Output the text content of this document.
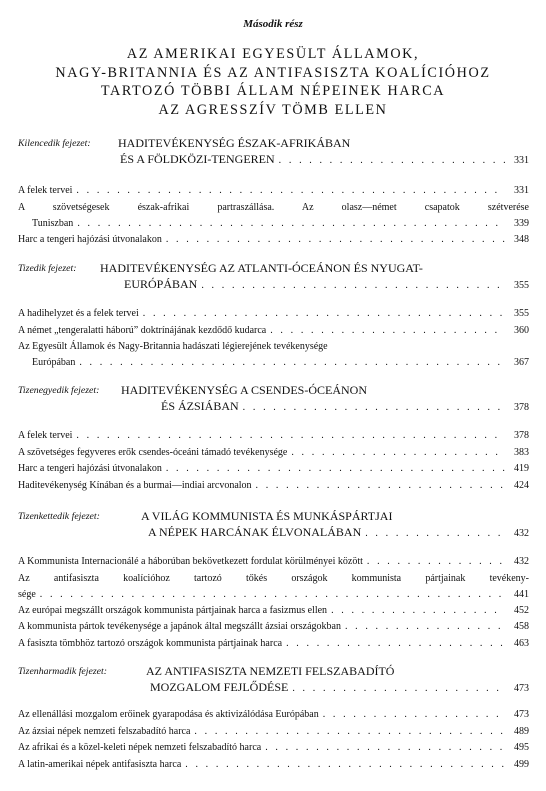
Második rész
AZ AMERIKAI EGYESÜLT ÁLLAMOK,
NAGY-BRITANNIA ÉS AZ ANTIFASISZTA KOALÍCIÓHOZ
TARTOZÓ TÖBBI ÁLLAM NÉPEINEK HARCA
AZ AGRESSZÍV TÖMB ELLEN
Kilencedik fejezet: HADITEVÉKENYSÉG ÉSZAK-AFRIKÁBAN
ÉS A FÖLDKÖZI-TENGEREN . . .	331
A felek tervei . . .	331
A szövetségesek észak-afrikai partraszállása. Az olasz—német csapatok szétverése
Tuniszban . . .	339
Harc a tengeri hajózási útvonalakon . . .	348
Tizedik fejezet: HADITEVÉKENYSÉG AZ ATLANTI-ÓCEÁNON ÉS NYUGAT-
EURÓPÁBAN . . .	355
A hadihelyzet és a felek tervei . . .	355
A német „tengeralatti háború” doktrínájának kezdődő kudarca . . .	360
Az Egyesült Államok és Nagy-Britannia hadászati légierejének tevékenysége
Európában . . .	367
Tizenegyedik fejezet: HADITEVÉKENYSÉG A CSENDES-ÓCEÁNON
ÉS ÁZSIÁBAN . . .	378
A felek tervei . . .	378
A szövetséges fegyveres erők csendes-óceáni támadó tevékenysége . . .	383
Harc a tengeri hajózási útvonalakon . . .	419
Haditevékenység Kínában és a burmai—indiai arcvonalon . . .	424
Tizenkettedik fejezet:	A VILÁG KOMMUNISTA ÉS MUNKÁSPÁRTJAI
A NÉPEK HARCÁNAK ÉLVONALÁBAN . . .	432
A Kommunista Internacionálé a háborúban bekövetkezett fordulat körülményei között . . .	432
Az antifasiszta koalícióhoz tartozó tőkés országok kommunista pártjainak tevékeny-
sége . . .	441
Az európai megszállt országok kommunista pártjainak harca a fasizmus ellen . . .	452
A kommunista pártok tevékenysége a japánok által megszállt ázsiai országokban . . .	458
A fasiszta tömbhöz tartozó országok kommunista pártjainak harca . . .	463
Tizenharmadik fejezet:	AZ ANTIFASISZTA NEMZETI FELSZABADÍTÓ
MOZGALOM FEJLŐDÉSE . . .	473
Az ellenállási mozgalom erőinek gyarapodása és aktivizálódása Európában . . .	473
Az ázsiai népek nemzeti felszabadító harca . . .	489
Az afrikai és a közel-keleti népek nemzeti felszabadító harca . . .	495
A latin-amerikai népek antifasiszta harca . . .	499
